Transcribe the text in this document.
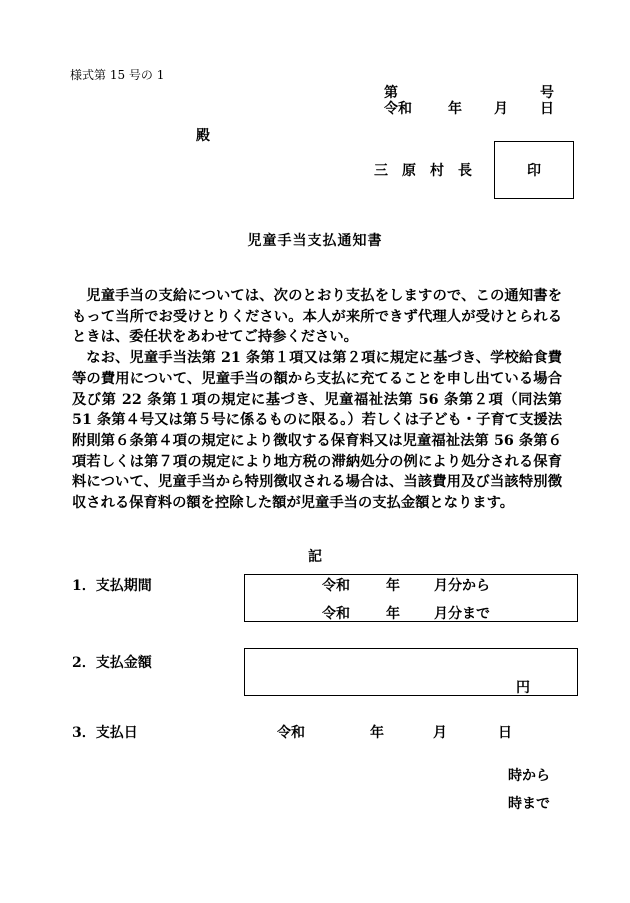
様式第 15 号の 1
第	号
令和	年 月 日
殿
三　原　村　長	印
児童手当支払通知書

児童手当の支給については、次のとおり支払をしますので、この通知書をもって当所でお受けとりください。本人が来所できず代理人が受けとられるときは、委任状をあわせてご持参ください。

なお、児童手当法第 21 条第１項又は第２項に規定に基づき、学校給食費等の費用について、児童手当の額から支払に充てることを申し出ている場合及び第 22 条第１項の規定に基づき、児童福祉法第 56 条第２項（同法第 51 条第４号又は第５号に係るものに限る。）若しくは子ども・子育て支援法附則第６条第４項の規定により徴収する保育料又は児童福祉法第 56 条第６項若しくは第７項の規定により地方税の滞納処分の例により処分される保育料について、児童手当から特別徴収される場合は、当該費用及び当該特別徴収される保育料の額を控除した額が児童手当の支払金額となります。

記
1．支払期間	令和	年 月分から
令和	年 月分まで
2．支払金額
円
3．支払日	令和	年	月	日
時から
時まで
